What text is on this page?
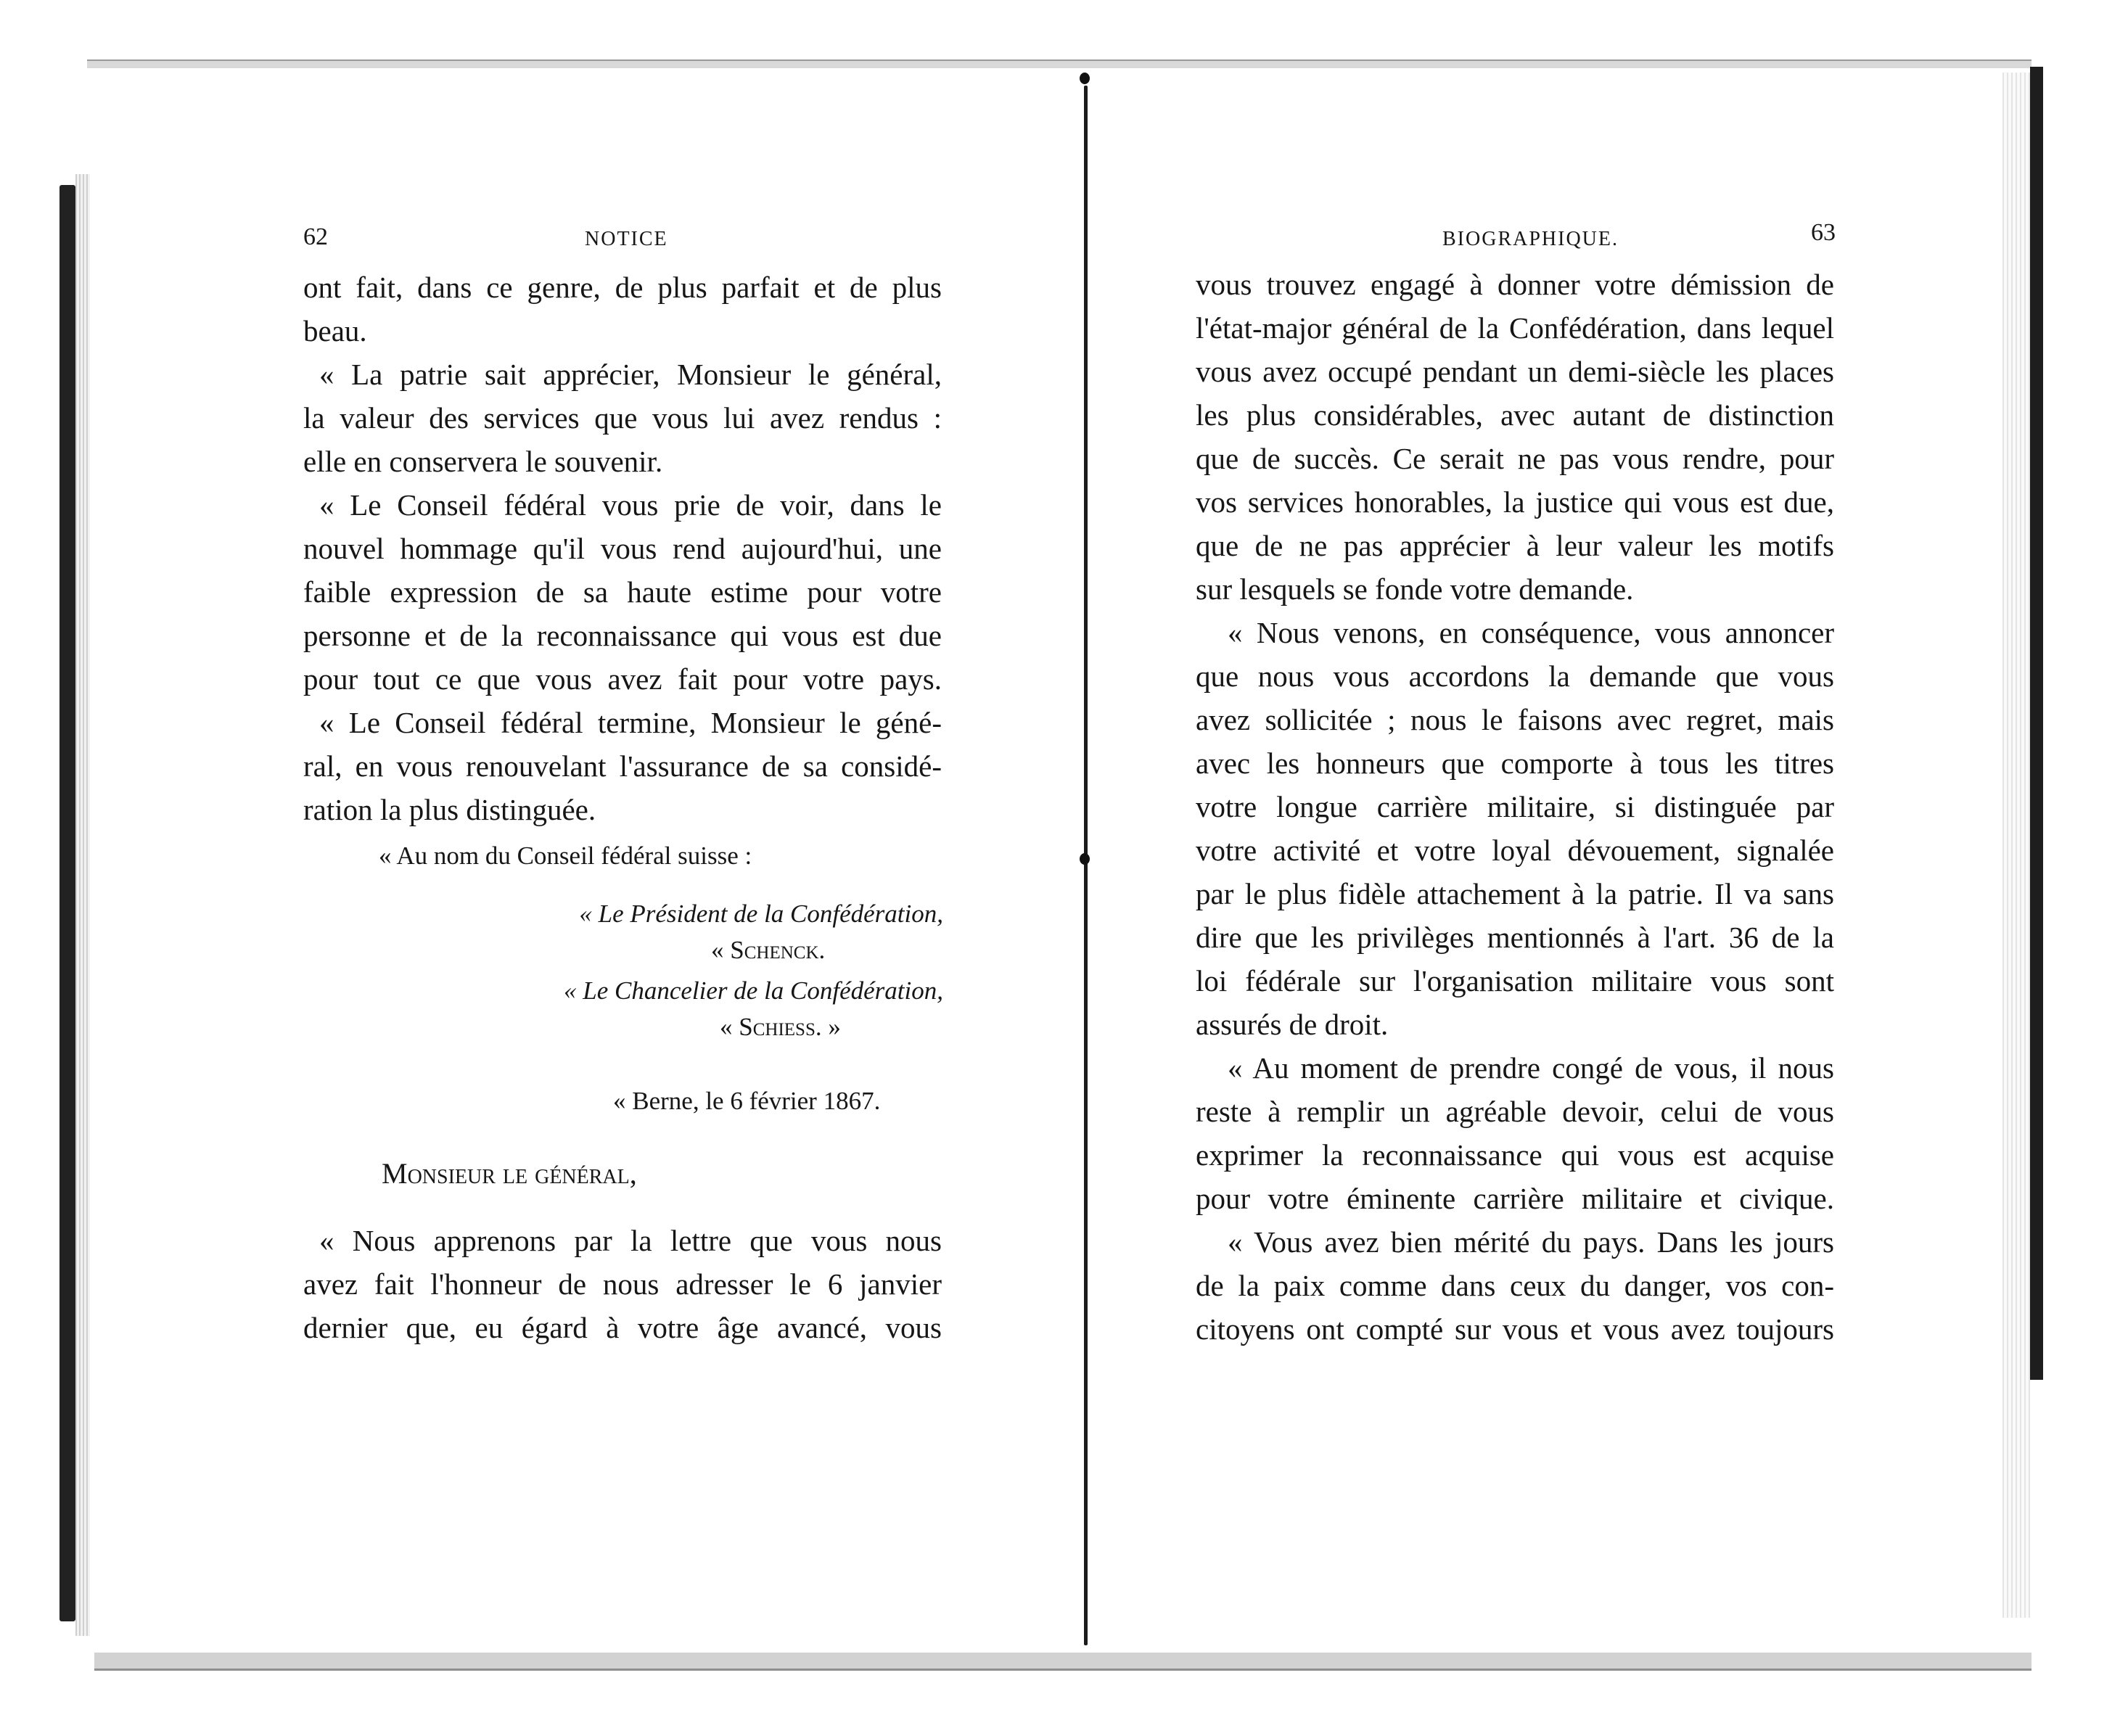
62	NOTICE
ont fait, dans ce genre, de plus parfait et de plus
beau.
« La patrie sait apprécier, Monsieur le général,
la valeur des services que vous lui avez rendus :
elle en conservera le souvenir.
« Le Conseil fédéral vous prie de voir, dans le
nouvel hommage qu'il vous rend aujourd'hui, une
faible expression de sa haute estime pour votre
personne et de la reconnaissance qui vous est due
pour tout ce que vous avez fait pour votre pays.
« Le Conseil fédéral termine, Monsieur le géné-
ral, en vous renouvelant l'assurance de sa considé-
ration la plus distinguée.
« Au nom du Conseil fédéral suisse :
« Le Président de la Confédération,
« Schenck.
« Le Chancelier de la Confédération,
« Schiess. »
« Berne, le 6 février 1867.
Monsieur le général,
« Nous apprenons par la lettre que vous nous
avez fait l'honneur de nous adresser le 6 janvier
dernier que, eu égard à votre âge avancé, vous
BIOGRAPHIQUE.	63
vous trouvez engagé à donner votre démission de
l'état-major général de la Confédération, dans lequel
vous avez occupé pendant un demi-siècle les places
les plus considérables, avec autant de distinction
que de succès. Ce serait ne pas vous rendre, pour
vos services honorables, la justice qui vous est due,
que de ne pas apprécier à leur valeur les motifs
sur lesquels se fonde votre demande.
« Nous venons, en conséquence, vous annoncer
que nous vous accordons la demande que vous
avez sollicitée ; nous le faisons avec regret, mais
avec les honneurs que comporte à tous les titres
votre longue carrière militaire, si distinguée par
votre activité et votre loyal dévouement, signalée
par le plus fidèle attachement à la patrie. Il va sans
dire que les privilèges mentionnés à l'art. 36 de la
loi fédérale sur l'organisation militaire vous sont
assurés de droit.
« Au moment de prendre congé de vous, il nous
reste à remplir un agréable devoir, celui de vous
exprimer la reconnaissance qui vous est acquise
pour votre éminente carrière militaire et civique.
« Vous avez bien mérité du pays. Dans les jours
de la paix comme dans ceux du danger, vos con-
citoyens ont compté sur vous et vous avez toujours
